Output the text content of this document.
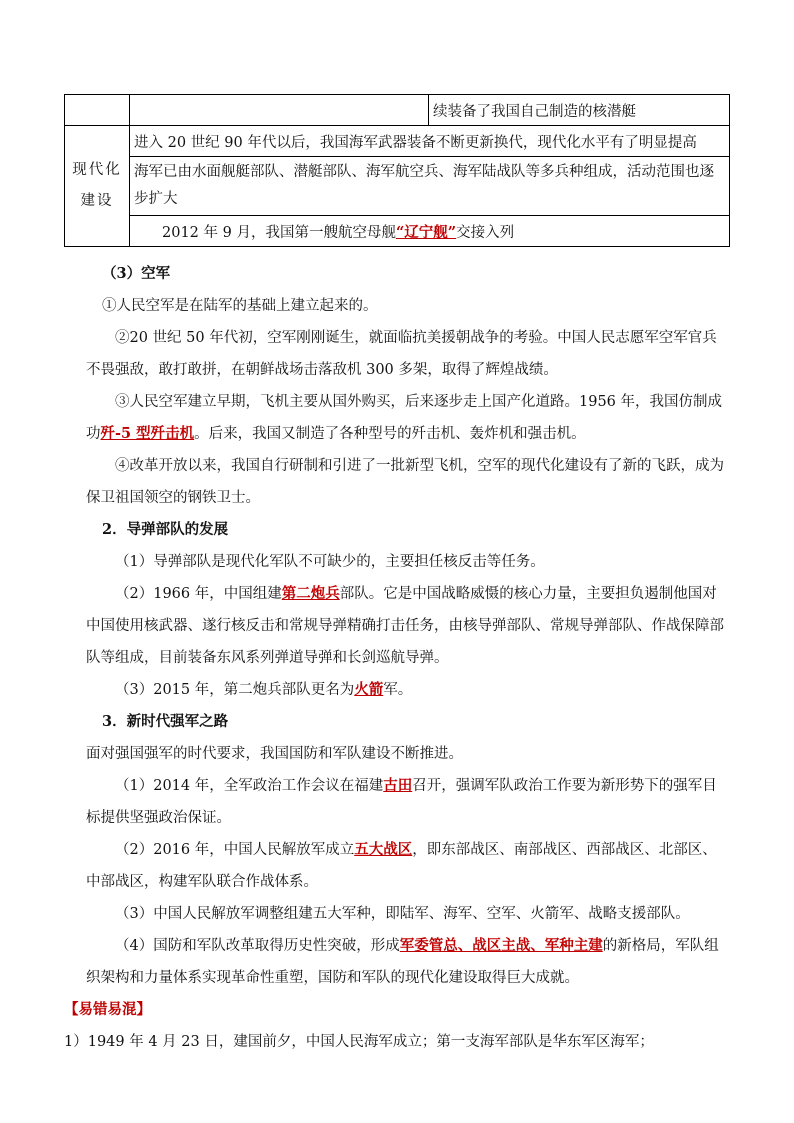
		续装备了我国自己制造的核潜艇
现代化建设	进入 20 世纪 90 年代以后，我国海军武器装备不断更新换代，现代化水平有了明显提高	
	海军已由水面舰艇部队、潜艇部队、海军航空兵、海军陆战队等多兵种组成，活动范围也逐步扩大	
	2012 年 9 月，我国第一艘航空母舰“辽宁舰”交接入列	

（3）空军

①人民空军是在陆军的基础上建立起来的。

②20 世纪 50 年代初，空军刚刚诞生，就面临抗美援朝战争的考验。中国人民志愿军空军官兵不畏强敌，敢打敢拼，在朝鲜战场击落敌机 300 多架，取得了辉煌战绩。

③人民空军建立早期，飞机主要从国外购买，后来逐步走上国产化道路。1956 年，我国仿制成功歼-5 型歼击机。后来，我国又制造了各种型号的歼击机、轰炸机和强击机。

④改革开放以来，我国自行研制和引进了一批新型飞机，空军的现代化建设有了新的飞跃，成为保卫祖国领空的钢铁卫士。

2．导弹部队的发展

（1）导弹部队是现代化军队不可缺少的，主要担任核反击等任务。

（2）1966 年，中国组建第二炮兵部队。它是中国战略威慑的核心力量，主要担负遏制他国对中国使用核武器、遂行核反击和常规导弹精确打击任务，由核导弹部队、常规导弹部队、作战保障部队等组成，目前装备东风系列弹道导弹和长剑巡航导弹。

（3）2015 年，第二炮兵部队更名为火箭军。

3．新时代强军之路

面对强国强军的时代要求，我国国防和军队建设不断推进。

（1）2014 年，全军政治工作会议在福建古田召开，强调军队政治工作要为新形势下的强军目标提供坚强政治保证。

（2）2016 年，中国人民解放军成立五大战区，即东部战区、南部战区、西部战区、北部区、中部战区，构建军队联合作战体系。

（3）中国人民解放军调整组建五大军种，即陆军、海军、空军、火箭军、战略支援部队。

（4）国防和军队改革取得历史性突破，形成军委管总、战区主战、军种主建的新格局，军队组织架构和力量体系实现革命性重塑，国防和军队的现代化建设取得巨大成就。

【易错易混】

1）1949 年 4 月 23 日，建国前夕，中国人民海军成立；第一支海军部队是华东军区海军；
